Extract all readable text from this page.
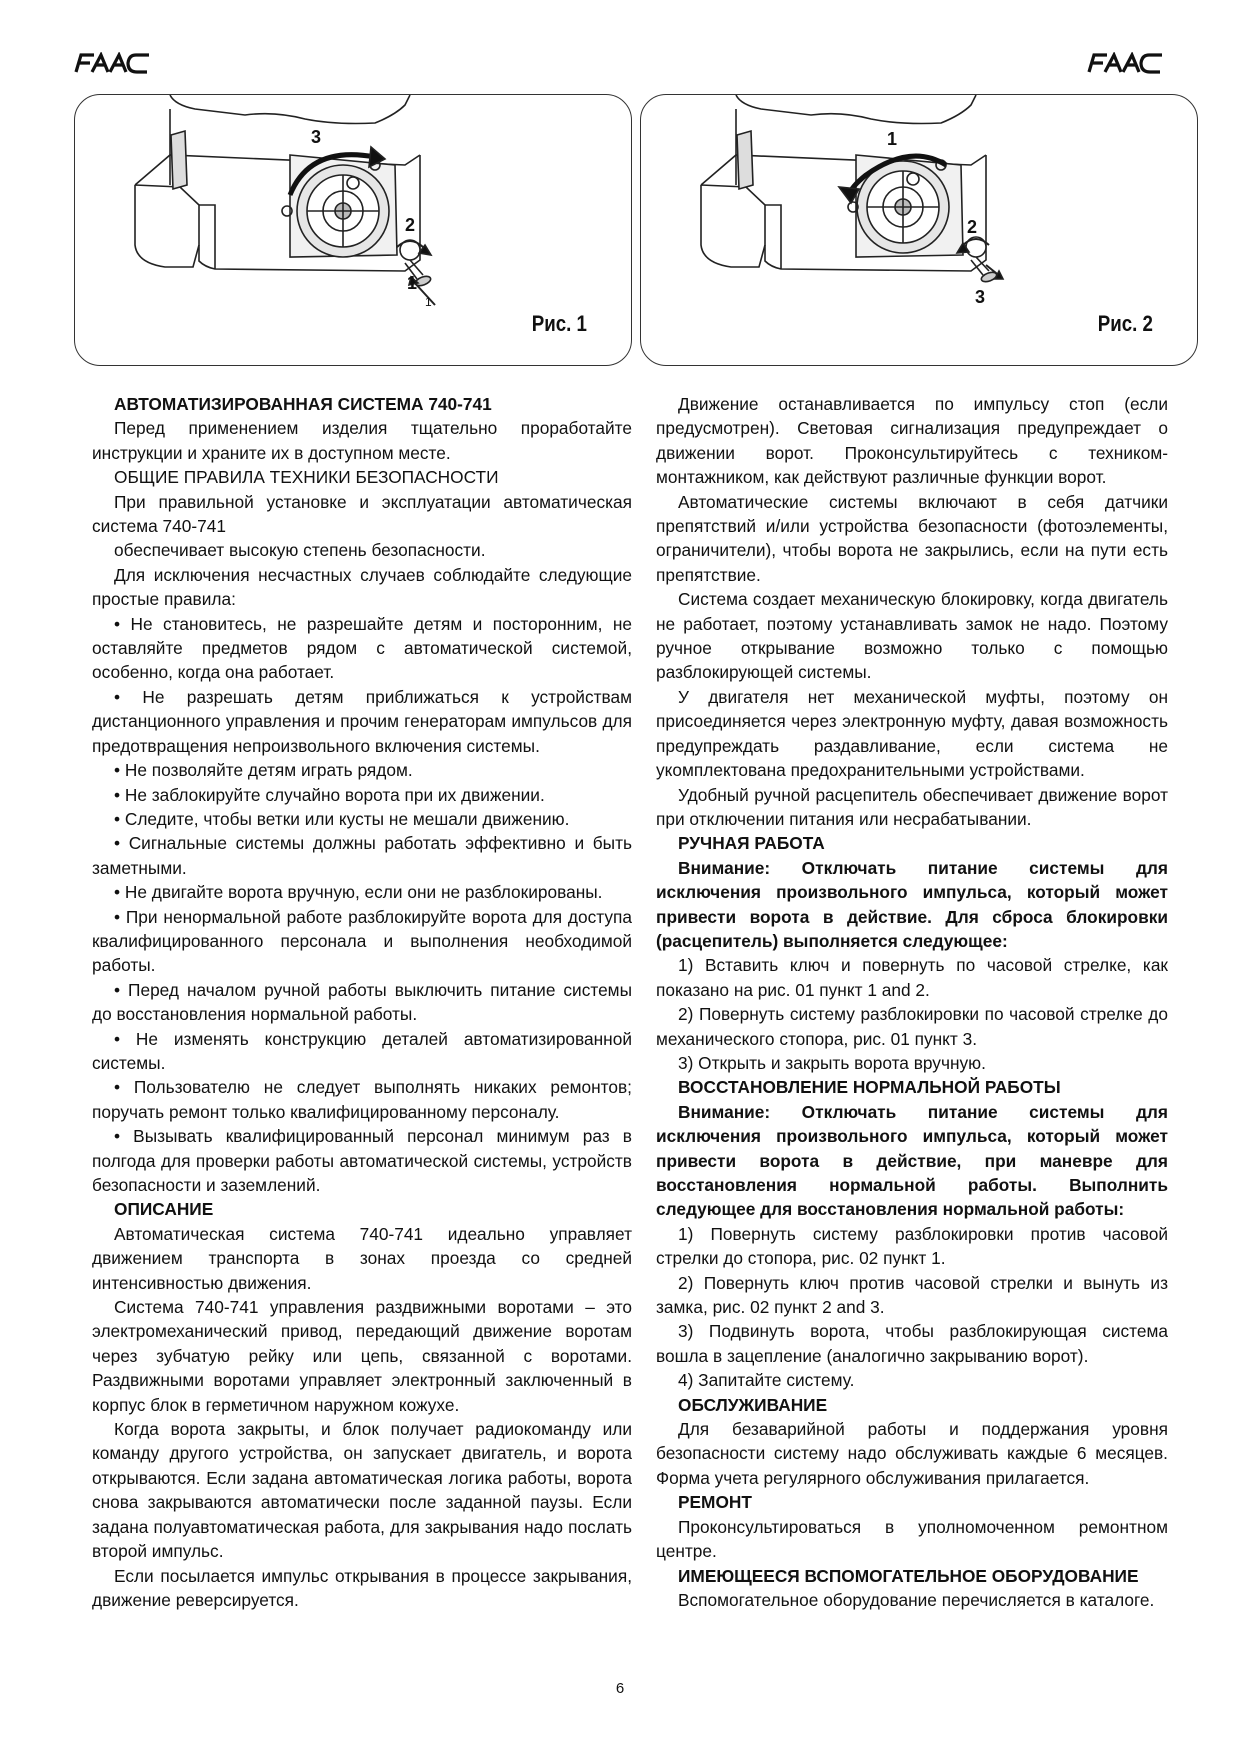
3
2
1
1
Рис. 1
1
2
3
Рис. 2
АВТОМАТИЗИРОВАННАЯ СИСТЕМА 740-741

Перед применением изделия тщательно проработайте инструкции и храните их в доступном месте.

ОБЩИЕ ПРАВИЛА ТЕХНИКИ БЕЗОПАСНОСТИ

При правильной установке и эксплуатации автоматическая система 740-741

обеспечивает высокую степень безопасности.

Для исключения несчастных случаев соблюдайте следующие простые правила:

• Не становитесь, не разрешайте детям и посторонним, не оставляйте предметов рядом с автоматической системой, особенно, когда она работает.

• Не разрешать детям приближаться к устройствам дистанционного управления и прочим генераторам импульсов для предотвращения непроизвольного включения системы.

• Не позволяйте детям играть рядом.

• Не заблокируйте случайно ворота при их движении.

• Следите, чтобы ветки или кусты не мешали движению.

• Сигнальные системы должны работать эффективно и быть заметными.

• Не двигайте ворота вручную, если они не разблокированы.

• При ненормальной работе разблокируйте ворота для доступа квалифицированного персонала и выполнения необходимой работы.

• Перед началом ручной работы выключить питание системы до восстановления нормальной работы.

• Не изменять конструкцию деталей автоматизированной системы.

• Пользователю не следует выполнять никаких ремонтов; поручать ремонт только квалифицированному персоналу.

• Вызывать квалифицированный персонал минимум раз в полгода для проверки работы автоматической системы, устройств безопасности и заземлений.

ОПИСАНИЕ

Автоматическая система 740-741 идеально управляет движением транспорта в зонах проезда со средней интенсивностью движения.

Система 740-741 управления раздвижными воротами – это электромеханический привод, передающий движение воротам через зубчатую рейку или цепь, связанной с воротами. Раздвижными воротами управляет электронный заключенный в корпус блок в герметичном наружном кожухе.

Когда ворота закрыты, и блок получает радиокоманду или команду другого устройства, он запускает двигатель, и ворота открываются. Если задана автоматическая логика работы, ворота снова закрываются автоматически после заданной паузы. Если задана полуавтоматическая работа, для закрывания надо послать второй импульс.

Если посылается импульс открывания в процессе закрывания, движение реверсируется.

Движение останавливается по импульсу стоп (если предусмотрен). Световая сигнализация предупреждает о движении ворот. Проконсультируйтесь с техником-монтажником, как действуют различные функции ворот.

Автоматические системы включают в себя датчики препятствий и/или устройства безопасности (фотоэлементы, ограничители), чтобы ворота не закрылись, если на пути есть препятствие.

Система создает механическую блокировку, когда двигатель не работает, поэтому устанавливать замок не надо. Поэтому ручное открывание возможно только с помощью разблокирующей системы.

У двигателя нет механической муфты, поэтому он присоединяется через электронную муфту, давая возможность предупреждать раздавливание, если система не укомплектована предохранительными устройствами.

Удобный ручной расцепитель обеспечивает движение ворот при отключении питания или несрабатывании.

РУЧНАЯ РАБОТА

Внимание: Отключать питание системы для исключения произвольного импульса, который может привести ворота в действие. Для сброса блокировки (расцепитель) выполняется следующее:

1) Вставить ключ и повернуть по часовой стрелке, как показано на рис. 01 пункт 1 and 2.

2) Повернуть систему разблокировки по часовой стрелке до механического стопора, рис. 01 пункт 3.

3) Открыть и закрыть ворота вручную.

ВОССТАНОВЛЕНИЕ НОРМАЛЬНОЙ РАБОТЫ

Внимание: Отключать питание системы для исключения произвольного импульса, который может привести ворота в действие, при маневре для восстановления нормальной работы. Выполнить следующее для восстановления нормальной работы:

1) Повернуть систему разблокировки против часовой стрелки до стопора, рис. 02 пункт 1.

2) Повернуть ключ против часовой стрелки и вынуть из замка, рис. 02 пункт 2 and 3.

3) Подвинуть ворота, чтобы разблокирующая система вошла в зацепление (аналогично закрыванию ворот).

4) Запитайте систему.

ОБСЛУЖИВАНИЕ

Для безаварийной работы и поддержания уровня безопасности систему надо обслуживать каждые 6 месяцев. Форма учета регулярного обслуживания прилагается.

РЕМОНТ

Проконсультироваться в уполномоченном ремонтном центре.

ИМЕЮЩЕЕСЯ ВСПОМОГАТЕЛЬНОЕ ОБОРУДОВАНИЕ

Вспомогательное оборудование перечисляется в каталоге.

6
